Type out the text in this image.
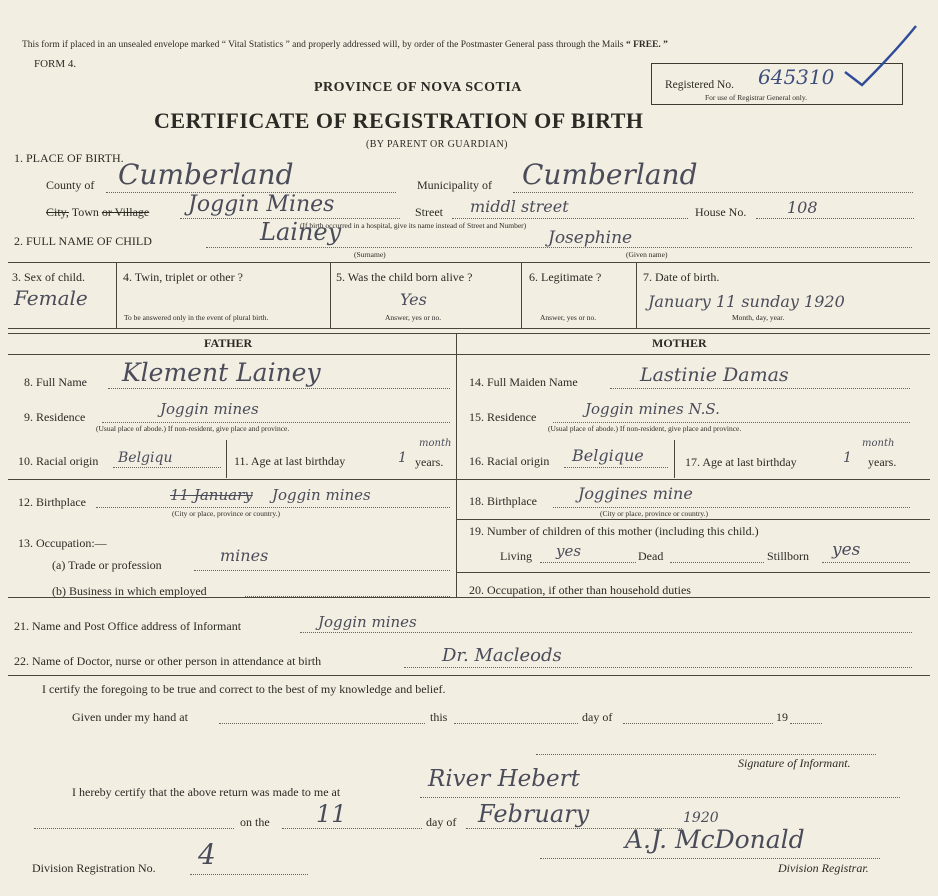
This form if placed in an unsealed envelope marked “ Vital Statistics ” and properly addressed will, by order of the Postmaster General pass through the Mails “ FREE. ”
FORM 4.
PROVINCE OF NOVA SCOTIA	Registered No. 645310
For use of Registrar General only.
CERTIFICATE OF REGISTRATION OF BIRTH
(BY PARENT OR GUARDIAN)
1. PLACE OF BIRTH.
County of Cumberland	Municipality of Cumberland
City, Town or Village Joggin Mines	Street middl street	House No.	108
(If birth occurred in a hospital, give its name instead of Street and Number)
2. FULL NAME OF CHILD	Lainey	Josephine
(Surname)	(Given name)
3. Sex of child.
Female
4. Twin, triplet or other ?
To be answered only in the event of plural birth.
5. Was the child born alive ?
Yes
Answer, yes or no.
6. Legitimate ?
Answer, yes or no.
7. Date of birth.
January 11 sunday 1920
Month, day, year.
FATHER	MOTHER
8. Full Name Klement Lainey
9. Residence	Joggin mines
(Usual place of abode.) If non-resident, give place and province.
10. Racial origin Belgiqu	11. Age at last birthday	1
month
years.
12. Birthplace	11 January Joggin mines
(City or place, province or country.)
13. Occupation:—
(a) Trade or profession	mines
(b) Business in which employed
14. Full Maiden Name	Lastinie Damas
15. Residence	Joggin mines N.S.
(Usual place of abode.) If non-resident, give place and province.
16. Racial origin Belgique	17. Age at last birthday	1
month
years.
18. Birthplace	Joggines mine
(City or place, province or country.)
19. Number of children of this mother (including this child.)
Living yes	Dead	Stillborn yes
20. Occupation, if other than household duties
21. Name and Post Office address of Informant	Joggin mines
22. Name of Doctor, nurse or other person in attendance at birth	Dr. Macleods
I certify the foregoing to be true and correct to the best of my knowledge and belief.
Given under my hand at	this	day of	19
Signature of Informant.
I hereby certify that the above return was made to me at	River Hebert
on the 11	day of February	1920
A.J. McDonald
Division Registrar.
Division Registration No. 4
